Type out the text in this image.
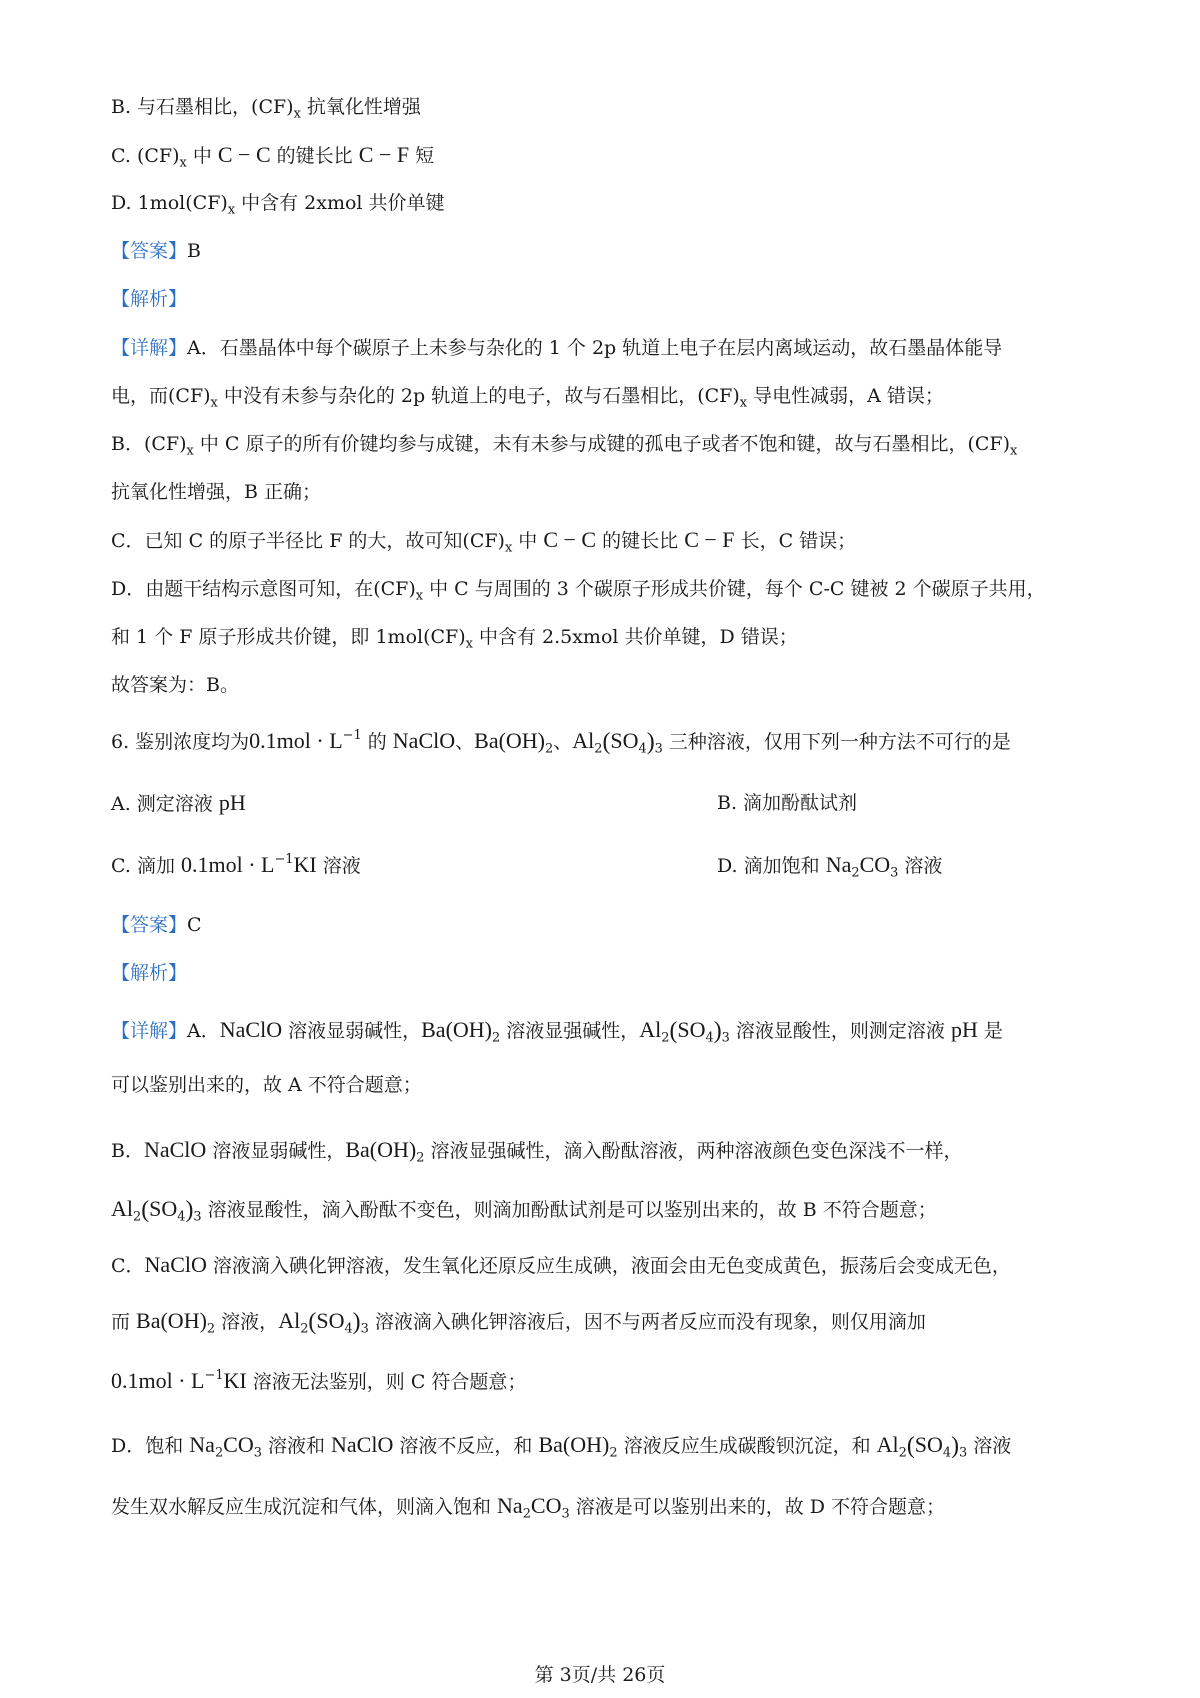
B. 与石墨相比，$(CF)_x$ 抗氧化性增强
C. $(CF)_x$ 中 C − C 的键长比 C − F 短
D. $1mol(CF)_x$ 中含有 2xmol 共价单键
【答案】B
【解析】
【详解】A．石墨晶体中每个碳原子上未参与杂化的 1 个 2p 轨道上电子在层内离域运动，故石墨晶体能导
电，而$(CF)_x$ 中没有未参与杂化的 2p 轨道上的电子，故与石墨相比，$(CF)_x$ 导电性减弱，A 错误；
B．$(CF)_x$ 中 C 原子的所有价键均参与成键，未有未参与成键的孤电子或者不饱和键，故与石墨相比，$(CF)_x$
抗氧化性增强，B 正确；
C．已知 C 的原子半径比 F 的大，故可知$(CF)_x$ 中 C − C 的键长比 C − F 长，C 错误；
D．由题干结构示意图可知，在$(CF)_x$ 中 C 与周围的 3 个碳原子形成共价键，每个 C-C 键被 2 个碳原子共用，
和 1 个 F 原子形成共价键，即 $1mol(CF)_x$ 中含有 2.5xmol 共价单键，D 错误；
故答案为：B。
6. 鉴别浓度均为$0.1mol \cdot L^{-1}$ 的 NaClO、$Ba(OH)_2$、$Al_2(SO_4)_3$ 三种溶液，仅用下列一种方法不可行的是
A. 测定溶液 pH	B. 滴加酚酞试剂
C. 滴加 $0.1mol \cdot L^{-1}KI$ 溶液	D. 滴加饱和 $Na_2CO_3$ 溶液
【答案】C
【解析】
【详解】A．NaClO 溶液显弱碱性，$Ba(OH)_2$ 溶液显强碱性，$Al_2(SO_4)_3$ 溶液显酸性，则测定溶液 pH 是
可以鉴别出来的，故 A 不符合题意；
B．NaClO 溶液显弱碱性，$Ba(OH)_2$ 溶液显强碱性，滴入酚酞溶液，两种溶液颜色变色深浅不一样，
$Al_2(SO_4)_3$ 溶液显酸性，滴入酚酞不变色，则滴加酚酞试剂是可以鉴别出来的，故 B 不符合题意；
C．NaClO 溶液滴入碘化钾溶液，发生氧化还原反应生成碘，液面会由无色变成黄色，振荡后会变成无色，
而 $Ba(OH)_2$ 溶液，$Al_2(SO_4)_3$ 溶液滴入碘化钾溶液后，因不与两者反应而没有现象，则仅用滴加
$0.1mol \cdot L^{-1}KI$ 溶液无法鉴别，则 C 符合题意；
D．饱和 $Na_2CO_3$ 溶液和 NaClO 溶液不反应，和 $Ba(OH)_2$ 溶液反应生成碳酸钡沉淀，和 $Al_2(SO_4)_3$ 溶液
发生双水解反应生成沉淀和气体，则滴入饱和 $Na_2CO_3$ 溶液是可以鉴别出来的，故 D 不符合题意；
第 3页/共 26页
